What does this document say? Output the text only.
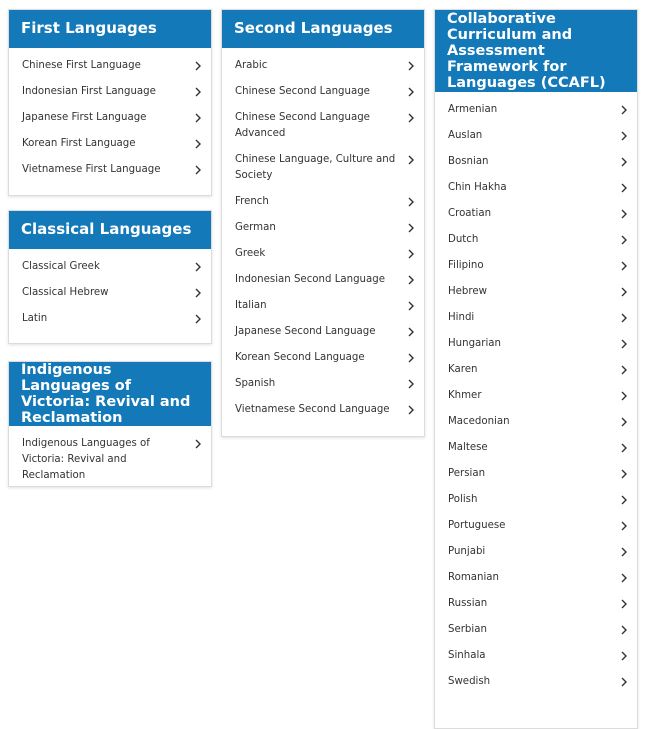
First Languages
Chinese First Language
Indonesian First Language
Japanese First Language
Korean First Language
Vietnamese First Language
Classical Languages
Classical Greek
Classical Hebrew
Latin
Indigenous Languages of Victoria: Revival and Reclamation
Indigenous Languages of Victoria: Revival and Reclamation
Second Languages
Arabic
Chinese Second Language
Chinese Second Language Advanced
Chinese Language, Culture and Society
French
German
Greek
Indonesian Second Language
Italian
Japanese Second Language
Korean Second Language
Spanish
Vietnamese Second Language
Collaborative Curriculum and Assessment Framework for Languages (CCAFL)
Armenian
Auslan
Bosnian
Chin Hakha
Croatian
Dutch
Filipino
Hebrew
Hindi
Hungarian
Karen
Khmer
Macedonian
Maltese
Persian
Polish
Portuguese
Punjabi
Romanian
Russian
Serbian
Sinhala
Swedish
